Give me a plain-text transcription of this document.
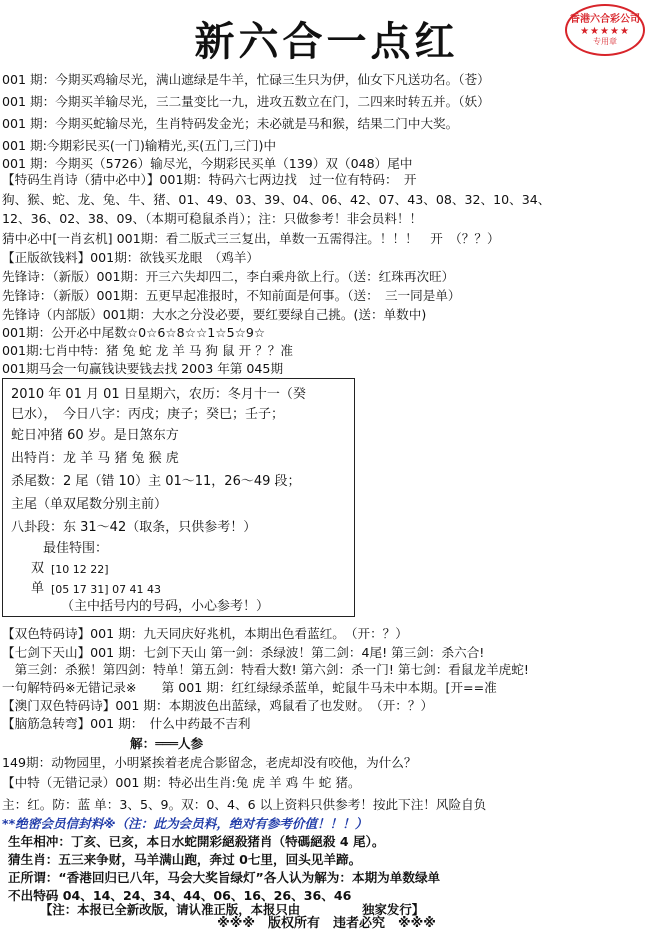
新六合一点红	香港六合彩公司
★★★★★
专用章
001 期：今期买鸡输尽光，满山遮绿是牛羊，忙碌三生只为伊，仙女下凡送功名。（苍）
001 期：今期买羊输尽光，三二量变比一九，进攻五数立在门，二四来时转五并。（妖）
001 期：今期买蛇输尽光，生肖特码发金光；未必就是马和猴，结果二门中大奖。
001 期:今期彩民买(一门)输精光,买(五门,三门)中
001 期：今期买（5726）输尽光，今期彩民买单（139）双（048）尾中
【特码生肖诗（猜中必中）】001期：特码六七两边找　过一位有特码：　开
狗、猴、蛇、龙、兔、牛、猪、01、49、03、39、04、06、42、07、43、08、32、10、34、
12、36、02、38、09、（本期可稳鼠杀肖）；注：只做参考！非会员料！！
猜中必中[一肖玄机] 001期：看二版式三三复出，单数一五需得注。！！！　开　（？？）
【正版欲钱料】001期：欲钱买龙眼　（鸡羊）
先锋诗：（新版）001期：开三六失却四二，李白乘舟欲上行。（送：红珠再次旺）
先锋诗：（新版）001期：五更早起准报时，不知前面是何事。（送：　三一同是单）
先锋诗（内部版）001期：大水之分没必要，要红要绿自己挑。(送：单数中)
001期：公开必中尾数☆0☆6☆8☆☆1☆5☆9☆
001期:七肖中特：猪 兔 蛇 龙 羊 马 狗 鼠 开 ？？准
001期马会一句赢钱诀要钱去找 2003 年第 045期
2010 年 01 月 01 日星期六，农历：冬月十一（癸
巳水），　今日八字：丙戌；庚子；癸巳；壬子；
蛇日冲猪 60 岁。是日煞东方
出特肖：龙 羊 马 猪 兔 猴 虎
杀尾数：2 尾（错 10）主 01～11，26～49 段；
主尾（单双尾数分别主前）
八卦段：东 31～42（取条，只供参考！）
最佳特围：
双 [10 12 22]
单 [05 17 31] 07 41 43
（主中括号内的号码，小心参考！）
【双色特码诗】001 期：九天同庆好兆机，本期出色看蓝红。　（开：？）
【七剑下天山】001 期：七剑下天山 第一剑：杀绿波！第二剑：4尾! 第三剑：杀六合!
　第三剑：杀猴！第四剑：特单！第五剑：特看大数! 第六剑：杀一门! 第七剑：看鼠龙羊虎蛇!
一句解特码※无错记录※　　第 001 期：红红绿绿杀蓝单，蛇鼠牛马未中本期。[开==准
【澳门双色特码诗】001 期：本期波色出蓝绿，鸡鼠看了也发财。　（开：？）
【脑筋急转弯】001 期：　什么中药最不吉利
解：═══人参
149期：动物园里，小明紧挨着老虎合影留念，老虎却没有咬他，为什么？
【中特（无错记录）001 期：特必出生肖:兔 虎 羊 鸡 牛 蛇 猪。
主：红。防：蓝 单：3、5、9。双：0、4、6 以上资料只供参考！按此下注！风险自负
**绝密会员信封料※（注：此为会员料，绝对有参考价值！！！）
生年相冲：丁亥、已亥，本日水蛇開彩絕殺猪肖（特碼絕殺 4 尾）。
猜生肖：五三来争财，马羊满山跑，奔过 0七里，回头见羊蹄。
正所谓：“香港回归已八年，马会大奖旨绿灯”各人认为解为：本期为单数绿单
不出特码 04、14、24、34、44、06、16、26、36、46
【注：本报已全新改版，请认准正版，本报只由　　　　　独家发行】
※※※　版权所有　违者必究　※※※
